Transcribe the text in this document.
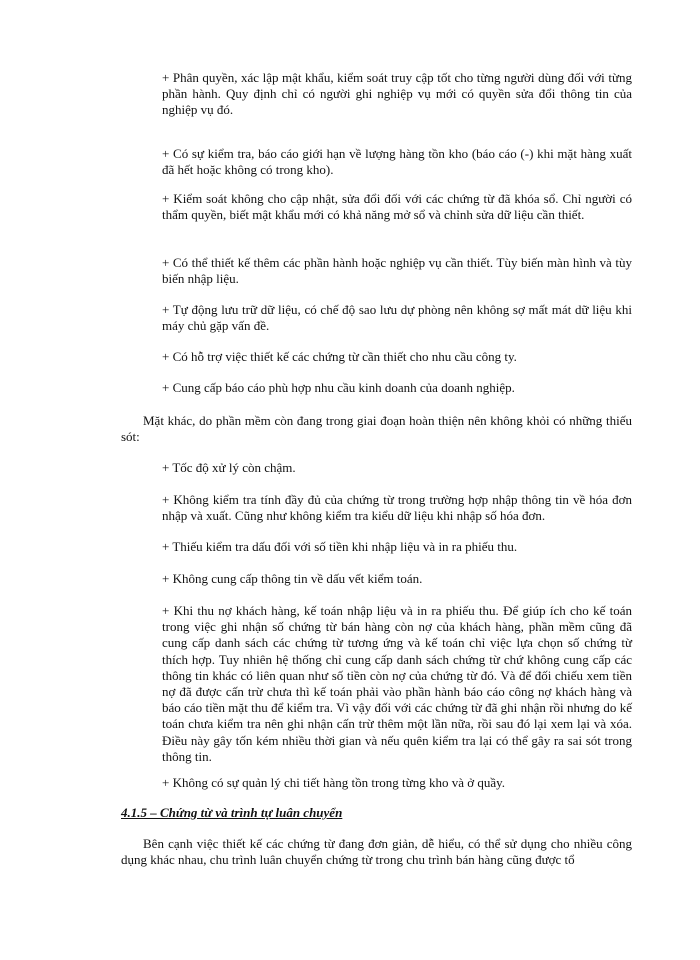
+ Phân quyền, xác lập mật khẩu, kiểm soát truy cập tốt cho từng người dùng đối với từng phần hành. Quy định chỉ có người ghi nghiệp vụ mới có quyền sửa đổi thông tin của nghiệp vụ đó.

+ Có sự kiểm tra, báo cáo giới hạn về lượng hàng tồn kho (báo cáo (-) khi mặt hàng xuất đã hết hoặc không có trong kho).

+ Kiểm soát không cho cập nhật, sửa đổi đối với các chứng từ đã khóa sổ. Chỉ người có thẩm quyền, biết mật khẩu mới có khả năng mở sổ và chỉnh sửa dữ liệu cần thiết.

+ Có thể thiết kế thêm các phần hành hoặc nghiệp vụ cần thiết. Tùy biến màn hình và tùy biến nhập liệu.

+ Tự động lưu trữ dữ liệu, có chế độ sao lưu dự phòng nên không sợ mất mát dữ liệu khi máy chủ gặp vấn đề.

+ Có hỗ trợ việc thiết kế các chứng từ cần thiết cho nhu cầu công ty.

+ Cung cấp báo cáo phù hợp nhu cầu kinh doanh của doanh nghiệp.

Mặt khác, do phần mềm còn đang trong giai đoạn hoàn thiện nên không khỏi có những thiếu sót:

+ Tốc độ xử lý còn chậm.

+ Không kiểm tra tính đầy đủ của chứng từ trong trường hợp nhập thông tin về hóa đơn nhập và xuất. Cũng như không kiểm tra kiểu dữ liệu khi nhập số hóa đơn.

+ Thiếu kiểm tra dấu đối với số tiền khi nhập liệu và in ra phiếu thu.

+ Không cung cấp thông tin về dấu vết kiểm toán.

+ Khi thu nợ khách hàng, kế toán nhập liệu và in ra phiếu thu. Để giúp ích cho kế toán trong việc ghi nhận số chứng từ bán hàng còn nợ của khách hàng, phần mềm cũng đã cung cấp danh sách các chứng từ tương ứng và kế toán chỉ việc lựa chọn số chứng từ thích hợp. Tuy nhiên hệ thống chỉ cung cấp danh sách chứng từ chứ không cung cấp các thông tin khác có liên quan như số tiền còn nợ của chứng từ đó. Và để đối chiếu xem tiền nợ đã được cấn trừ chưa thì kế toán phải vào phần hành báo cáo công nợ khách hàng và báo cáo tiền mặt thu để kiểm tra. Vì vậy đối với các chứng từ đã ghi nhận rồi nhưng do kế toán chưa kiểm tra nên ghi nhận cấn trừ thêm một lần nữa, rồi sau đó lại xem lại và xóa. Điều này gây tốn kém nhiều thời gian và nếu quên kiểm tra lại có thể gây ra sai sót trong thông tin.

+ Không có sự quản lý chi tiết hàng tồn trong từng kho và ở quầy.

4.1.5 – Chứng từ và trình tự luân chuyển

Bên cạnh việc thiết kế các chứng từ đang đơn giản, dễ hiểu, có thể sử dụng cho nhiều công dụng khác nhau, chu trình luân chuyển chứng từ trong chu trình bán hàng cũng được tổ
